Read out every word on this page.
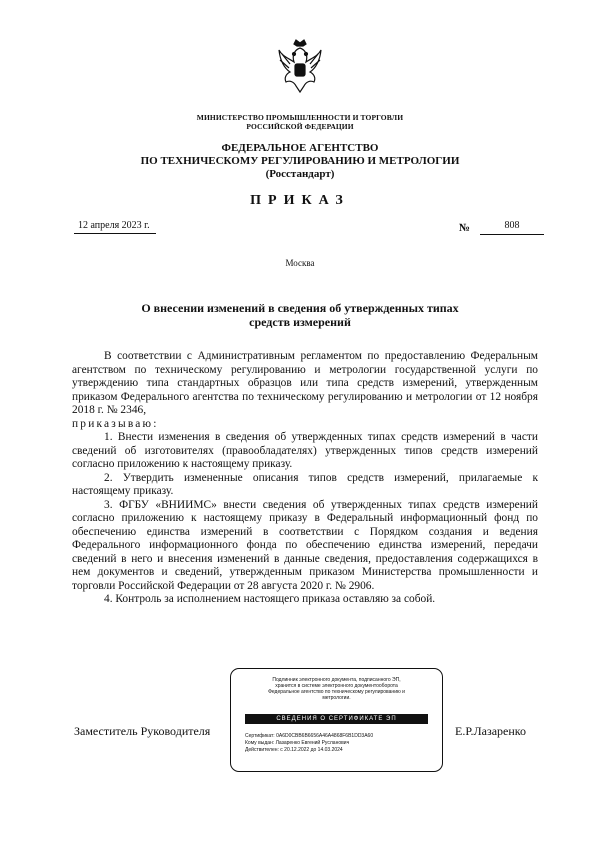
МИНИСТЕРСТВО ПРОМЫШЛЕННОСТИ И ТОРГОВЛИ
РОССИЙСКОЙ ФЕДЕРАЦИИ
ФЕДЕРАЛЬНОЕ АГЕНТСТВО
ПО ТЕХНИЧЕСКОМУ РЕГУЛИРОВАНИЮ И МЕТРОЛОГИИ
(Росстандарт)
ПРИКАЗ
12 апреля 2023 г.	№	808
Москва
О внесении изменений в сведения об утвержденных типах
средств измерений

В соответствии с Административным регламентом по предоставлению Федеральным агентством по техническому регулированию и метрологии государственной услуги по утверждению типа стандартных образцов или типа средств измерений, утвержденным приказом Федерального агентства по техническому регулированию и метрологии от 12 ноября 2018 г. № 2346,

приказываю:

1. Внести изменения в сведения об утвержденных типах средств измерений в части сведений об изготовителях (правообладателях) утвержденных типов средств измерений согласно приложению к настоящему приказу.

2. Утвердить измененные описания типов средств измерений, прилагаемые к настоящему приказу.

3. ФГБУ «ВНИИМС» внести сведения об утвержденных типах средств измерений согласно приложению к настоящему приказу в Федеральный информационный фонд по обеспечению единства измерений в соответствии с Порядком создания и ведения Федерального информационного фонда по обеспечению единства измерений, передачи сведений в него и внесения изменений в данные сведения, предоставления содержащихся в нем документов и сведений, утвержденным приказом Министерства промышленности и торговли Российской Федерации от 28 августа 2020 г. № 2906.

4. Контроль за исполнением настоящего приказа оставляю за собой.

Заместитель Руководителя	Е.Р.Лазаренко
Подлинник электронного документа, подписанного ЭП,
хранится в системе электронного документооборота
Федеральное агентство по техническому регулированию и
метрологии.
СВЕДЕНИЯ О СЕРТИФИКАТЕ ЭП
Сертификат: 0A6D0CBB6B6656A46A4868F6B1DD3A60
Кому выдан: Лазаренко Евгений Русланович
Действителен: с 20.12.2022 до 14.03.2024
